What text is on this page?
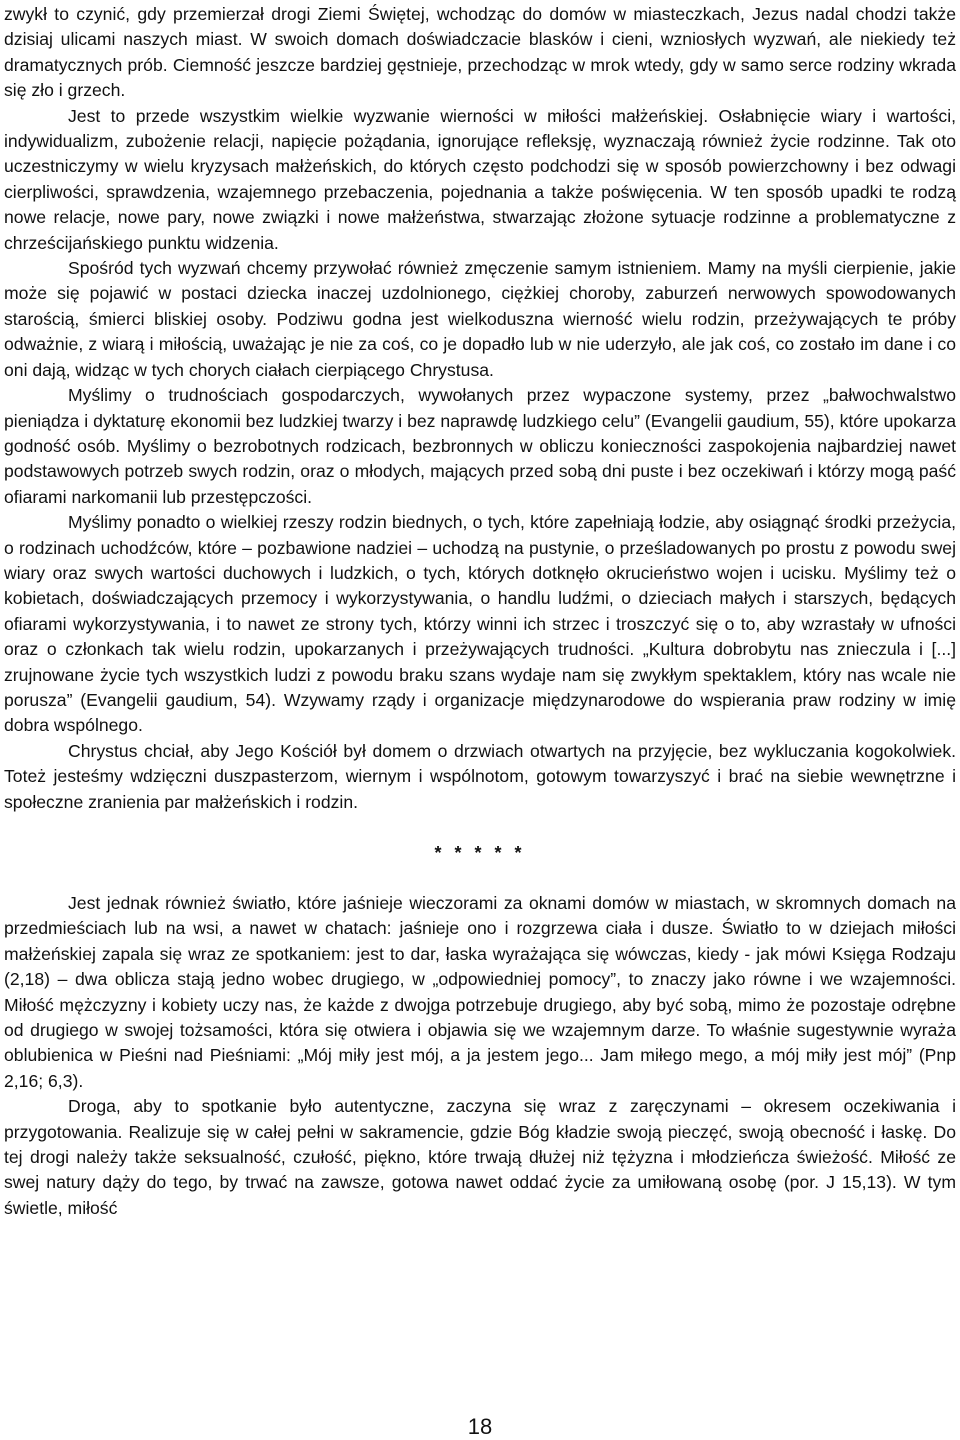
zwykł to czynić, gdy przemierzał drogi Ziemi Świętej, wchodząc do domów w miasteczkach, Jezus nadal chodzi także dzisiaj ulicami naszych miast. W swoich domach doświadczacie blasków i cieni, wzniosłych wyzwań, ale niekiedy też dramatycznych prób. Ciemność jeszcze bardziej gęstnieje, przechodząc w mrok wtedy, gdy w samo serce rodziny wkrada się zło i grzech.

Jest to przede wszystkim wielkie wyzwanie wierności w miłości małżeńskiej. Osłabnięcie wiary i wartości, indywidualizm, zubożenie relacji, napięcie pożądania, ignorujące refleksję, wyznaczają również życie rodzinne. Tak oto uczestniczymy w wielu kryzysach małżeńskich, do których często podchodzi się w sposób powierzchowny i bez odwagi cierpliwości, sprawdzenia, wzajemnego przebaczenia, pojednania a także poświęcenia. W ten sposób upadki te rodzą nowe relacje, nowe pary, nowe związki i nowe małżeństwa, stwarzając złożone sytuacje rodzinne a problematyczne z chrześcijańskiego punktu widzenia.

Spośród tych wyzwań chcemy przywołać również zmęczenie samym istnieniem. Mamy na myśli cierpienie, jakie może się pojawić w postaci dziecka inaczej uzdolnionego, ciężkiej choroby, zaburzeń nerwowych spowodowanych starością, śmierci bliskiej osoby. Podziwu godna jest wielkoduszna wierność wielu rodzin, przeżywających te próby odważnie, z wiarą i miłością, uważając je nie za coś, co je dopadło lub w nie uderzyło, ale jak coś, co zostało im dane i co oni dają, widząc w tych chorych ciałach cierpiącego Chrystusa.

Myślimy o trudnościach gospodarczych, wywołanych przez wypaczone systemy, przez „bałwochwalstwo pieniądza i dyktaturę ekonomii bez ludzkiej twarzy i bez naprawdę ludzkiego celu” (Evangelii gaudium, 55), które upokarza godność osób. Myślimy o bezrobotnych rodzicach, bezbronnych w obliczu konieczności zaspokojenia najbardziej nawet podstawowych potrzeb swych rodzin, oraz o młodych, mających przed sobą dni puste i bez oczekiwań i którzy mogą paść ofiarami narkomanii lub przestępczości.

Myślimy ponadto o wielkiej rzeszy rodzin biednych, o tych, które zapełniają łodzie, aby osiągnąć środki przeżycia, o rodzinach uchodźców, które – pozbawione nadziei – uchodzą na pustynie, o prześladowanych po prostu z powodu swej wiary oraz swych wartości duchowych i ludzkich, o tych, których dotknęło okrucieństwo wojen i ucisku. Myślimy też o kobietach, doświadczających przemocy i wykorzystywania, o handlu ludźmi, o dzieciach małych i starszych, będących ofiarami wykorzystywania, i to nawet ze strony tych, którzy winni ich strzec i troszczyć się o to, aby wzrastały w ufności oraz o członkach tak wielu rodzin, upokarzanych i przeżywających trudności. „Kultura dobrobytu nas znieczula i [...] zrujnowane życie tych wszystkich ludzi z powodu braku szans wydaje nam się zwykłym spektaklem, który nas wcale nie porusza” (Evangelii gaudium, 54). Wzywamy rządy i organizacje międzynarodowe do wspierania praw rodziny w imię dobra wspólnego.

Chrystus chciał, aby Jego Kościół był domem o drzwiach otwartych na przyjęcie, bez wykluczania kogokolwiek. Toteż jesteśmy wdzięczni duszpasterzom, wiernym i wspólnotom, gotowym towarzyszyć i brać na siebie wewnętrzne i społeczne zranienia par małżeńskich i rodzin.

* * * * *

Jest jednak również światło, które jaśnieje wieczorami za oknami domów w miastach, w skromnych domach na przedmieściach lub na wsi, a nawet w chatach: jaśnieje ono i rozgrzewa ciała i dusze. Światło to w dziejach miłości małżeńskiej zapala się wraz ze spotkaniem: jest to dar, łaska wyrażająca się wówczas, kiedy - jak mówi Księga Rodzaju (2,18) – dwa oblicza stają jedno wobec drugiego, w „odpowiedniej pomocy”, to znaczy jako równe i we wzajemności. Miłość mężczyzny i kobiety uczy nas, że każde z dwojga potrzebuje drugiego, aby być sobą, mimo że pozostaje odrębne od drugiego w swojej tożsamości, która się otwiera i objawia się we wzajemnym darze. To właśnie sugestywnie wyraża oblubienica w Pieśni nad Pieśniami: „Mój miły jest mój, a ja jestem jego... Jam miłego mego, a mój miły jest mój” (Pnp 2,16; 6,3).

Droga, aby to spotkanie było autentyczne, zaczyna się wraz z zaręczynami – okresem oczekiwania i przygotowania. Realizuje się w całej pełni w sakramencie, gdzie Bóg kładzie swoją pieczęć, swoją obecność i łaskę. Do tej drogi należy także seksualność, czułość, piękno, które trwają dłużej niż tężyzna i młodzieńcza świeżość. Miłość ze swej natury dąży do tego, by trwać na zawsze, gotowa nawet oddać życie za umiłowaną osobę (por. J 15,13). W tym świetle, miłość

18
